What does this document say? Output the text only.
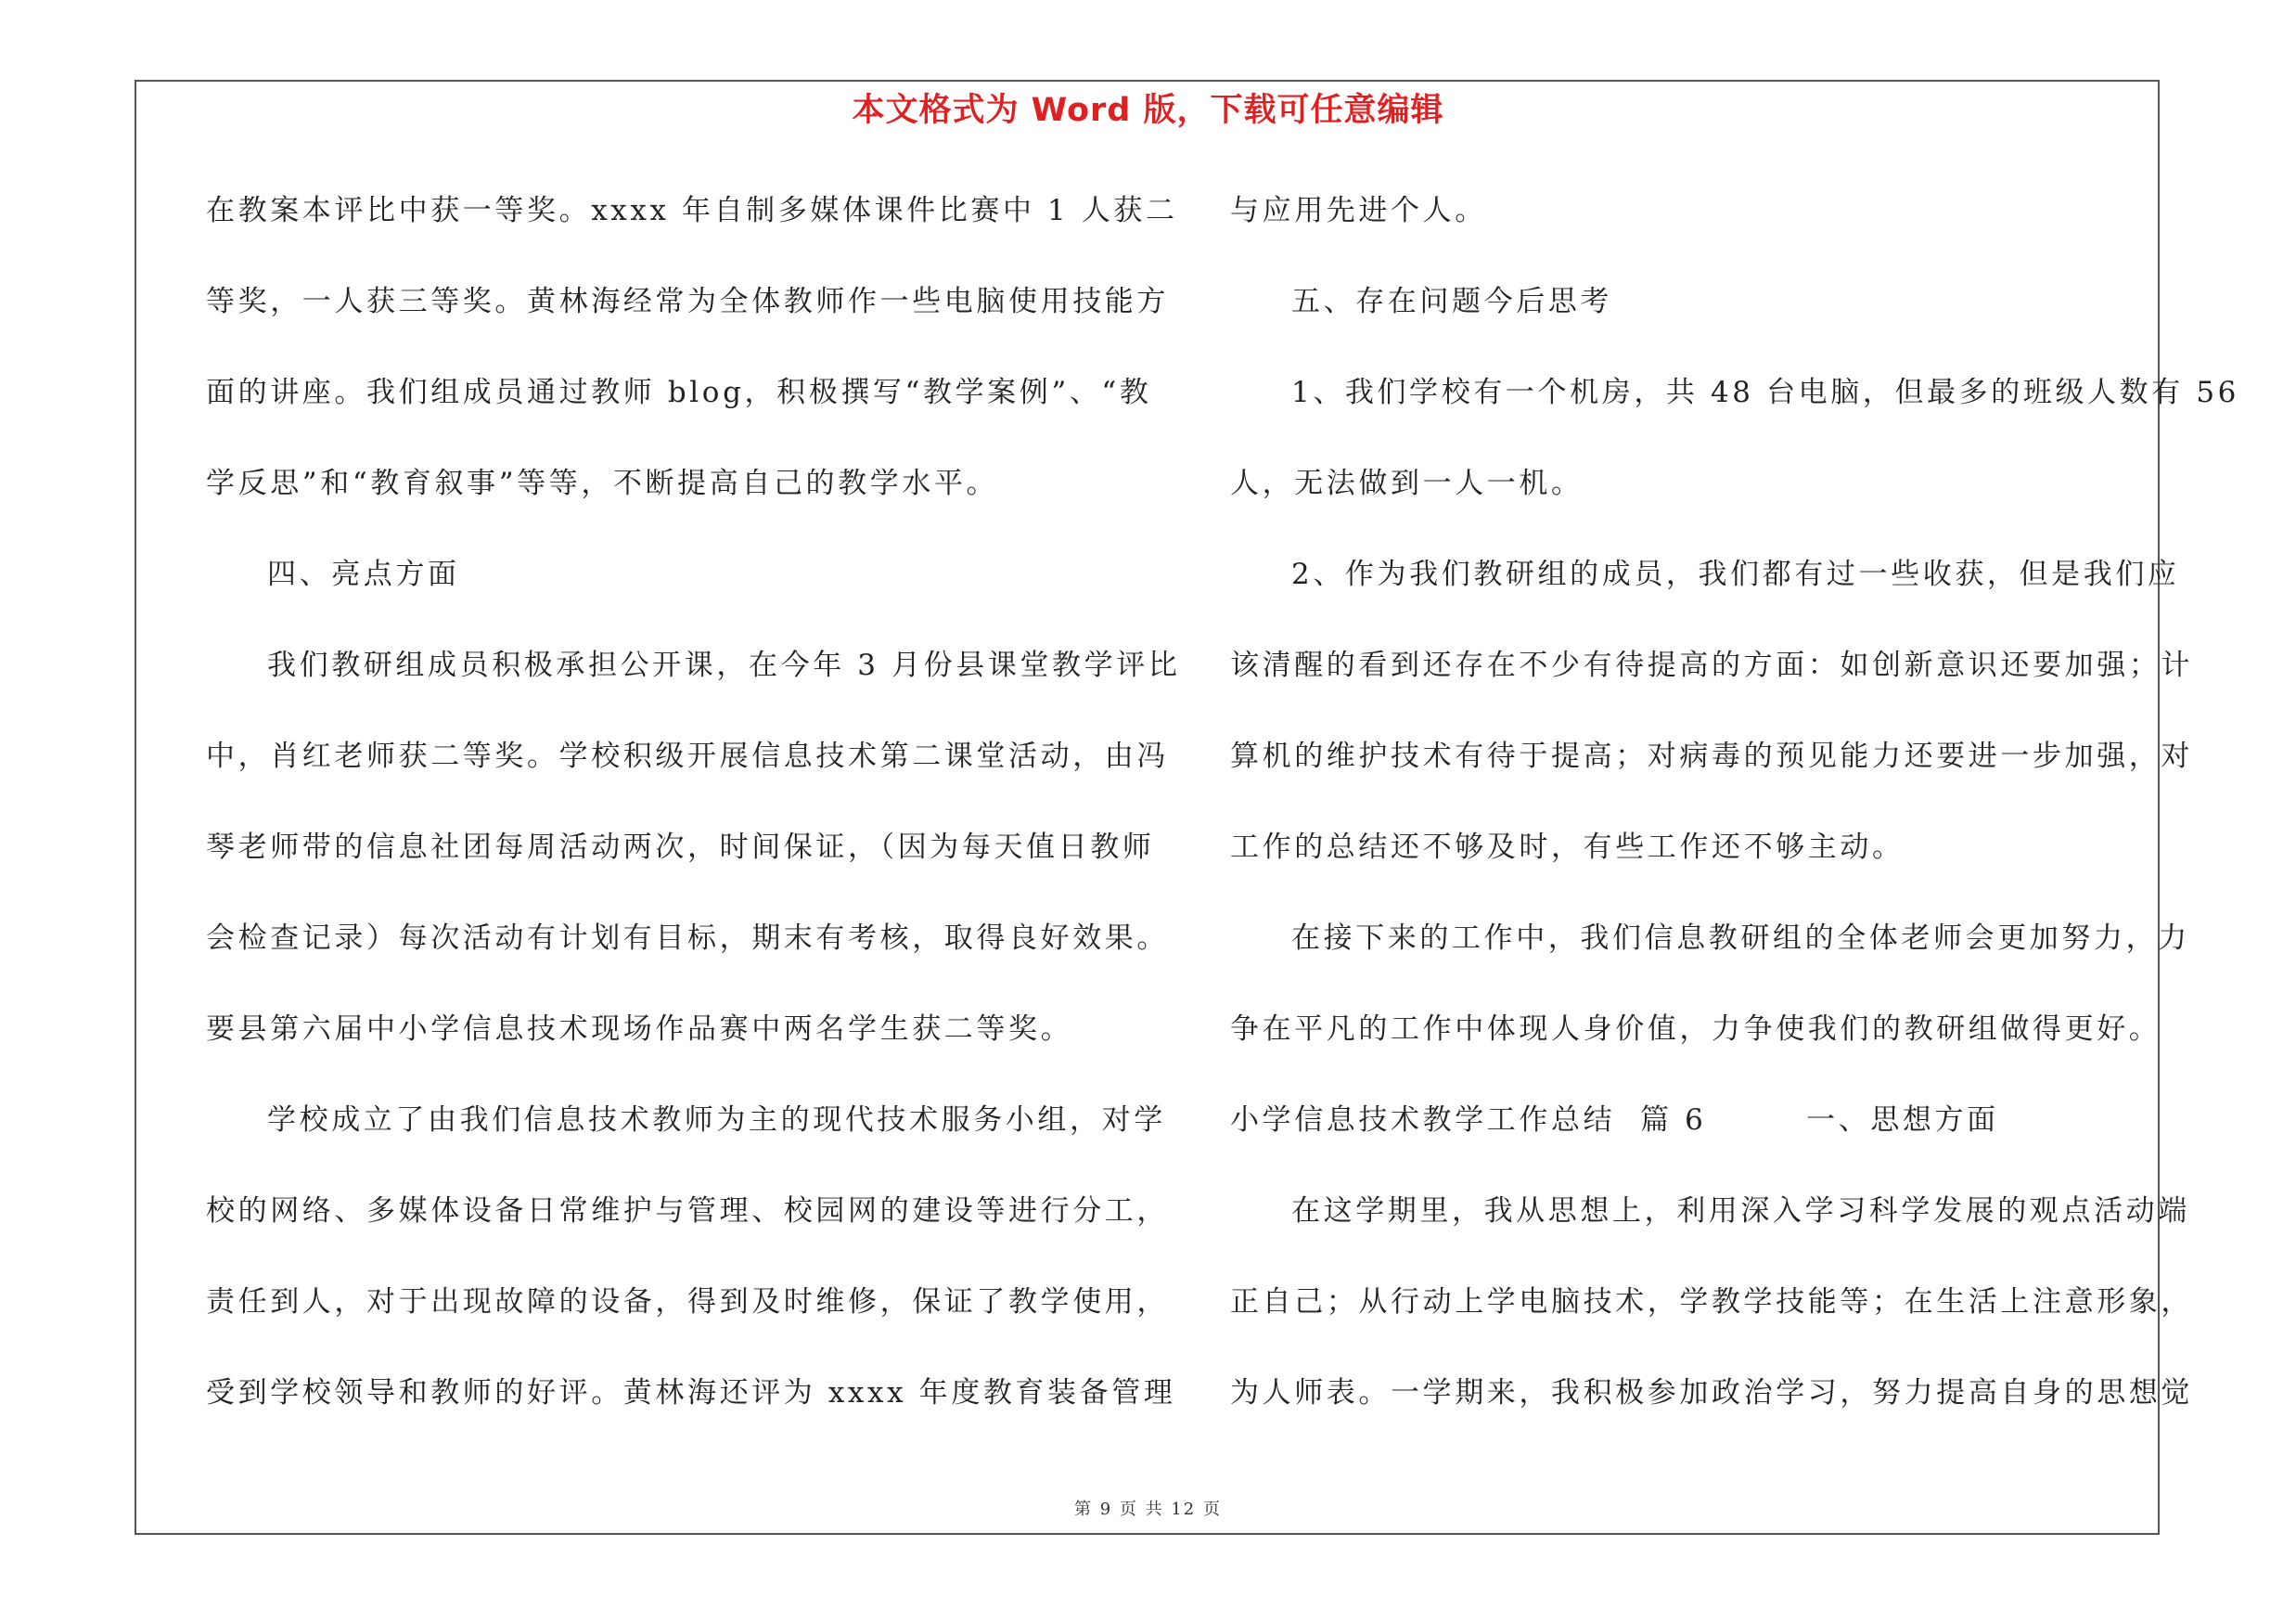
本文格式为 Word 版，下载可任意编辑
在教案本评比中获一等奖。xxxx 年自制多媒体课件比赛中 1 人获二
等奖，一人获三等奖。黄林海经常为全体教师作一些电脑使用技能方
面的讲座。我们组成员通过教师 blog，积极撰写“教学案例”、“教
学反思”和“教育叙事”等等，不断提高自己的教学水平。
四、亮点方面
我们教研组成员积极承担公开课，在今年 3 月份县课堂教学评比
中，肖红老师获二等奖。学校积级开展信息技术第二课堂活动，由冯
琴老师带的信息社团每周活动两次，时间保证，（因为每天值日教师
会检查记录）每次活动有计划有目标，期末有考核，取得良好效果。
要县第六届中小学信息技术现场作品赛中两名学生获二等奖。
学校成立了由我们信息技术教师为主的现代技术服务小组，对学
校的网络、多媒体设备日常维护与管理、校园网的建设等进行分工，
责任到人，对于出现故障的设备，得到及时维修，保证了教学使用，
受到学校领导和教师的好评。黄林海还评为 xxxx 年度教育装备管理
与应用先进个人。
五、存在问题今后思考
1、我们学校有一个机房，共 48 台电脑，但最多的班级人数有 56
人，无法做到一人一机。
2、作为我们教研组的成员，我们都有过一些收获，但是我们应
该清醒的看到还存在不少有待提高的方面：如创新意识还要加强；计
算机的维护技术有待于提高；对病毒的预见能力还要进一步加强，对
工作的总结还不够及时，有些工作还不够主动。
在接下来的工作中，我们信息教研组的全体老师会更加努力，力
争在平凡的工作中体现人身价值，力争使我们的教研组做得更好。
小学信息技术教学工作总结  篇 6        一、思想方面
在这学期里，我从思想上，利用深入学习科学发展的观点活动端
正自己；从行动上学电脑技术，学教学技能等；在生活上注意形象，
为人师表。一学期来，我积极参加政治学习，努力提高自身的思想觉
第 9 页 共 12 页
